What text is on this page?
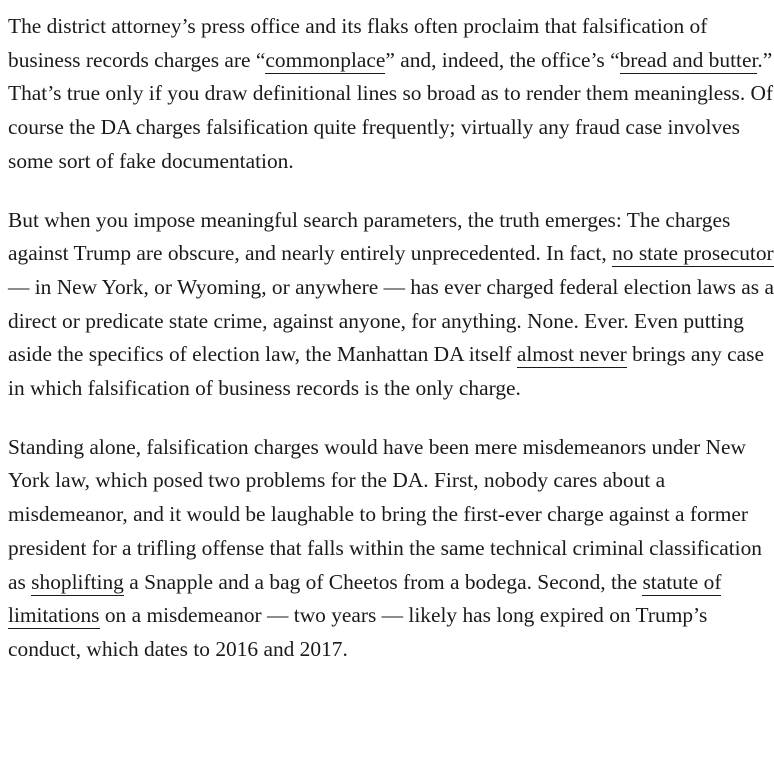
The district attorney’s press office and its flaks often proclaim that falsification of business records charges are “commonplace” and, indeed, the office’s “bread and butter.” That’s true only if you draw definitional lines so broad as to render them meaningless. Of course the DA charges falsification quite frequently; virtually any fraud case involves some sort of fake documentation.

But when you impose meaningful search parameters, the truth emerges: The charges against Trump are obscure, and nearly entirely unprecedented. In fact, no state prosecutor — in New York, or Wyoming, or anywhere — has ever charged federal election laws as a direct or predicate state crime, against anyone, for anything. None. Ever. Even putting aside the specifics of election law, the Manhattan DA itself almost never brings any case in which falsification of business records is the only charge.

Standing alone, falsification charges would have been mere misdemeanors under New York law, which posed two problems for the DA. First, nobody cares about a misdemeanor, and it would be laughable to bring the first-ever charge against a former president for a trifling offense that falls within the same technical criminal classification as shoplifting a Snapple and a bag of Cheetos from a bodega. Second, the statute of limitations on a misdemeanor — two years — likely has long expired on Trump’s conduct, which dates to 2016 and 2017.
